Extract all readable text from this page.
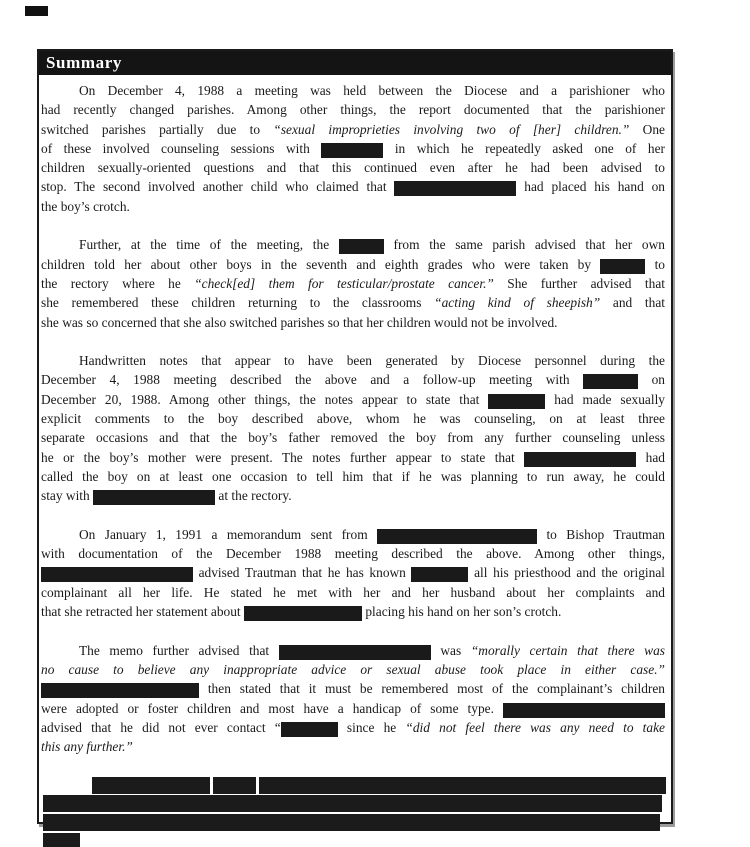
Summary
On December 4, 1988 a meeting was held between the Diocese and a parishioner who
had recently changed parishes. Among other things, the report documented that the parishioner
switched parishes partially due to “sexual improprieties involving two of [her] children.” One
of these involved counseling sessions with	in which he repeatedly asked one of her
children sexually-oriented questions and that this continued even after he had been advised to
stop. The second involved another child who claimed that	had placed his hand on
the boy’s crotch.
Further, at the time of the meeting, the	from the same parish advised that her own
children told her about other boys in the seventh and eighth grades who were taken by	to
the rectory where he “check[ed] them for testicular/prostate cancer.” She further advised that
she remembered these children returning to the classrooms “acting kind of sheepish” and that
she was so concerned that she also switched parishes so that her children would not be involved.
Handwritten notes that appear to have been generated by Diocese personnel during the
December 4, 1988 meeting described the above and a follow-up meeting with	on
December 20, 1988. Among other things, the notes appear to state that	had made sexually
explicit comments to the boy described above, whom he was counseling, on at least three
separate occasions and that the boy’s father removed the boy from any further counseling unless
he or the boy’s mother were present. The notes further appear to state that	had
called the boy on at least one occasion to tell him that if he was planning to run away, he could
stay with	at the rectory.
On January 1, 1991 a memorandum sent from	to Bishop Trautman
with documentation of the December 1988 meeting described the above. Among other things,
advised Trautman that he has known	all his priesthood and the original
complainant all her life. He stated he met with her and her husband about her complaints and
that she retracted her statement about	placing his hand on her son’s crotch.
The memo further advised that	was “morally certain that there was
no cause to believe any inappropriate advice or sexual abuse took place in either case.”
then stated that it must be remembered most of the complainant’s children
were adopted or foster children and most have a handicap of some type.
advised that he did not ever contact “	since he “did not feel there was any need to take
this any further.”
